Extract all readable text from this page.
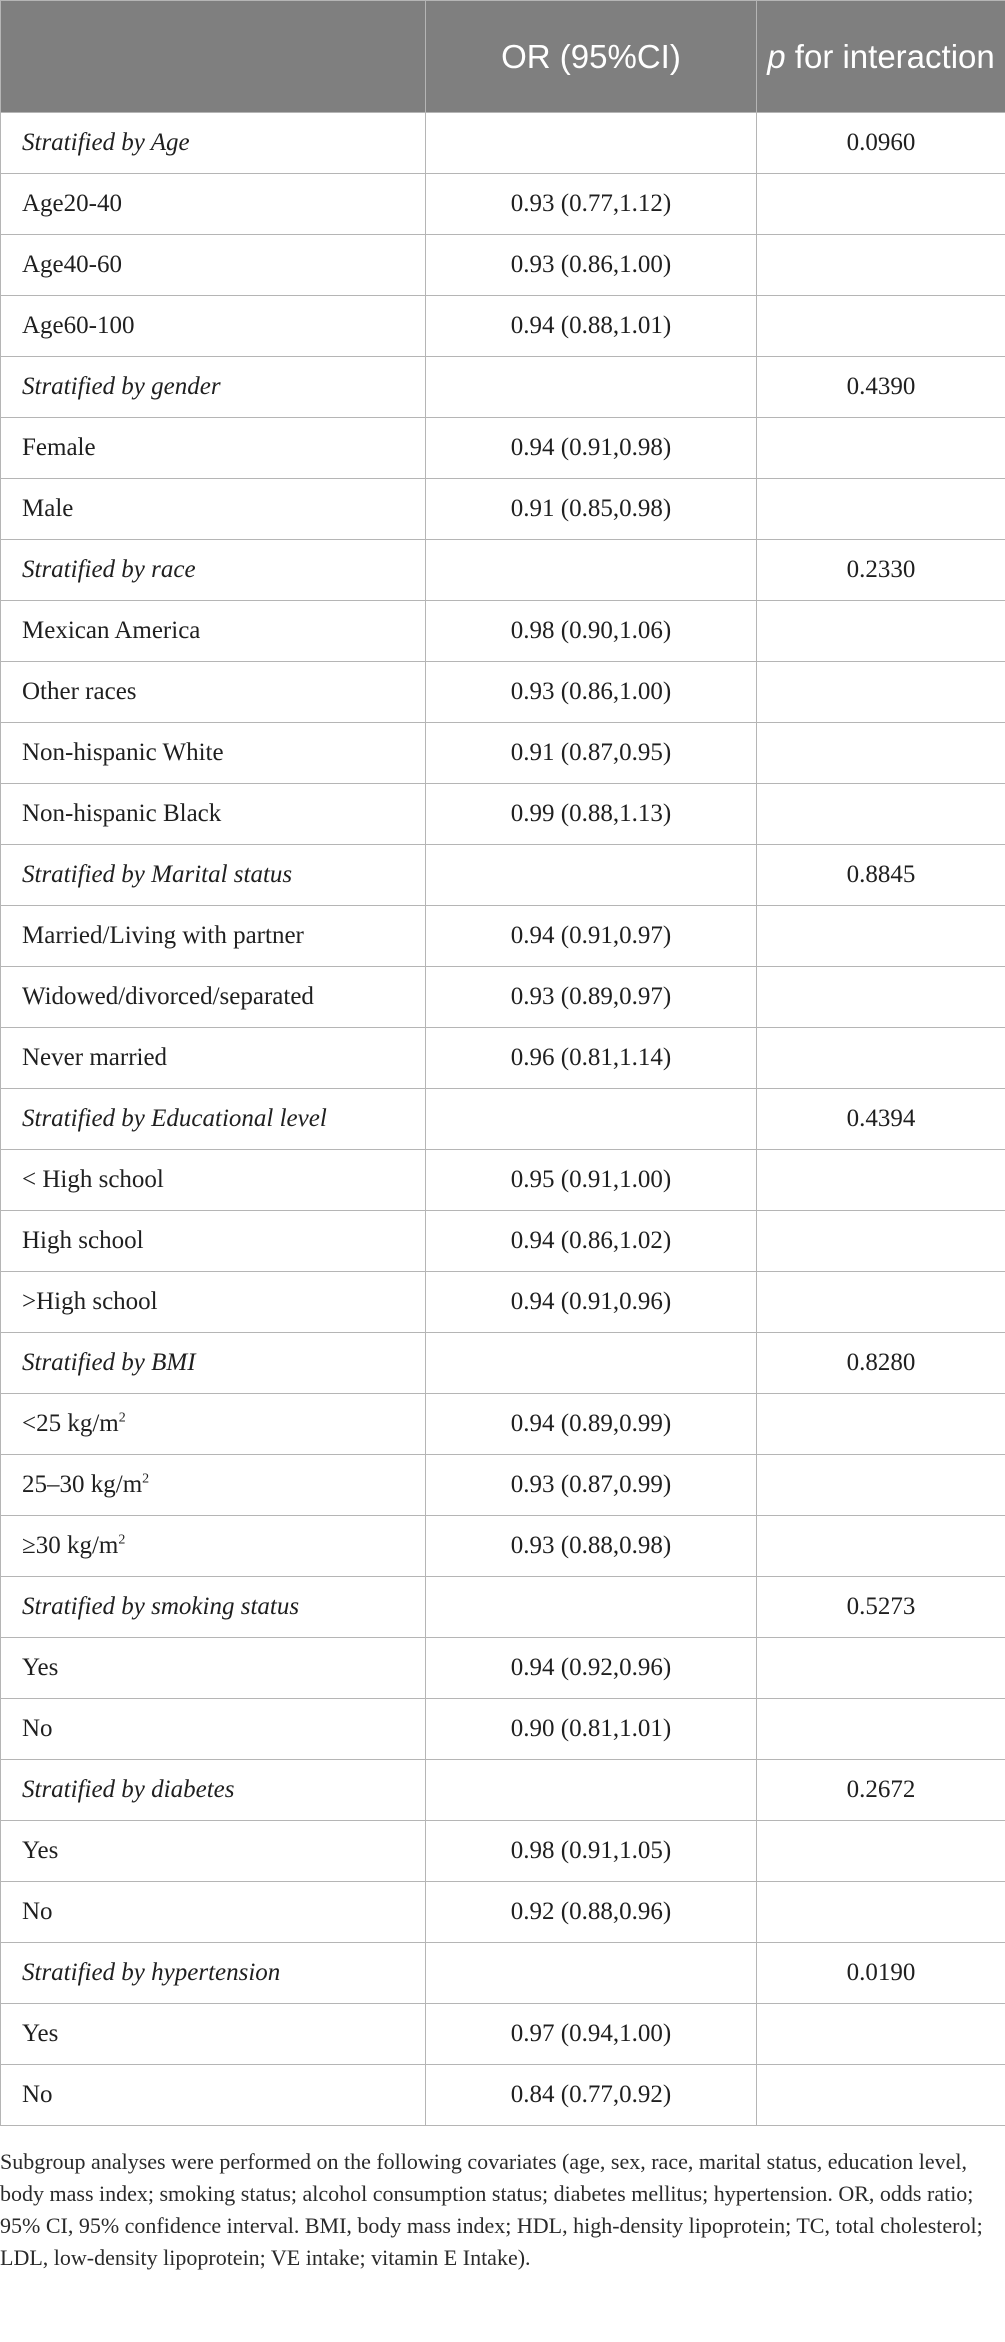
	OR (95%CI)	p for interaction
Stratified by Age		0.0960
Age20-40	0.93 (0.77,1.12)	
Age40-60	0.93 (0.86,1.00)	
Age60-100	0.94 (0.88,1.01)	
Stratified by gender		0.4390
Female	0.94 (0.91,0.98)	
Male	0.91 (0.85,0.98)	
Stratified by race		0.2330
Mexican America	0.98 (0.90,1.06)	
Other races	0.93 (0.86,1.00)	
Non-hispanic White	0.91 (0.87,0.95)	
Non-hispanic Black	0.99 (0.88,1.13)	
Stratified by Marital status		0.8845
Married/Living with partner	0.94 (0.91,0.97)	
Widowed/divorced/separated	0.93 (0.89,0.97)	
Never married	0.96 (0.81,1.14)	
Stratified by Educational level		0.4394
< High school	0.95 (0.91,1.00)	
High school	0.94 (0.86,1.02)	
>High school	0.94 (0.91,0.96)	
Stratified by BMI		0.8280
<25 $kg/m^2$	0.94 (0.89,0.99)	
25–30 $kg/m^2$	0.93 (0.87,0.99)	
≥30 $kg/m^2$	0.93 (0.88,0.98)	
Stratified by smoking status		0.5273
Yes	0.94 (0.92,0.96)	
No	0.90 (0.81,1.01)	
Stratified by diabetes		0.2672
Yes	0.98 (0.91,1.05)	
No	0.92 (0.88,0.96)	
Stratified by hypertension		0.0190
Yes	0.97 (0.94,1.00)	
No	0.84 (0.77,0.92)	
Subgroup analyses were performed on the following covariates (age, sex, race, marital status, education level, body mass index; smoking status; alcohol consumption status; diabetes mellitus; hypertension. OR, odds ratio; 95% CI, 95% confidence interval. BMI, body mass index; HDL, high-density lipoprotein; TC, total cholesterol; LDL, low-density lipoprotein; VE intake; vitamin E Intake).
